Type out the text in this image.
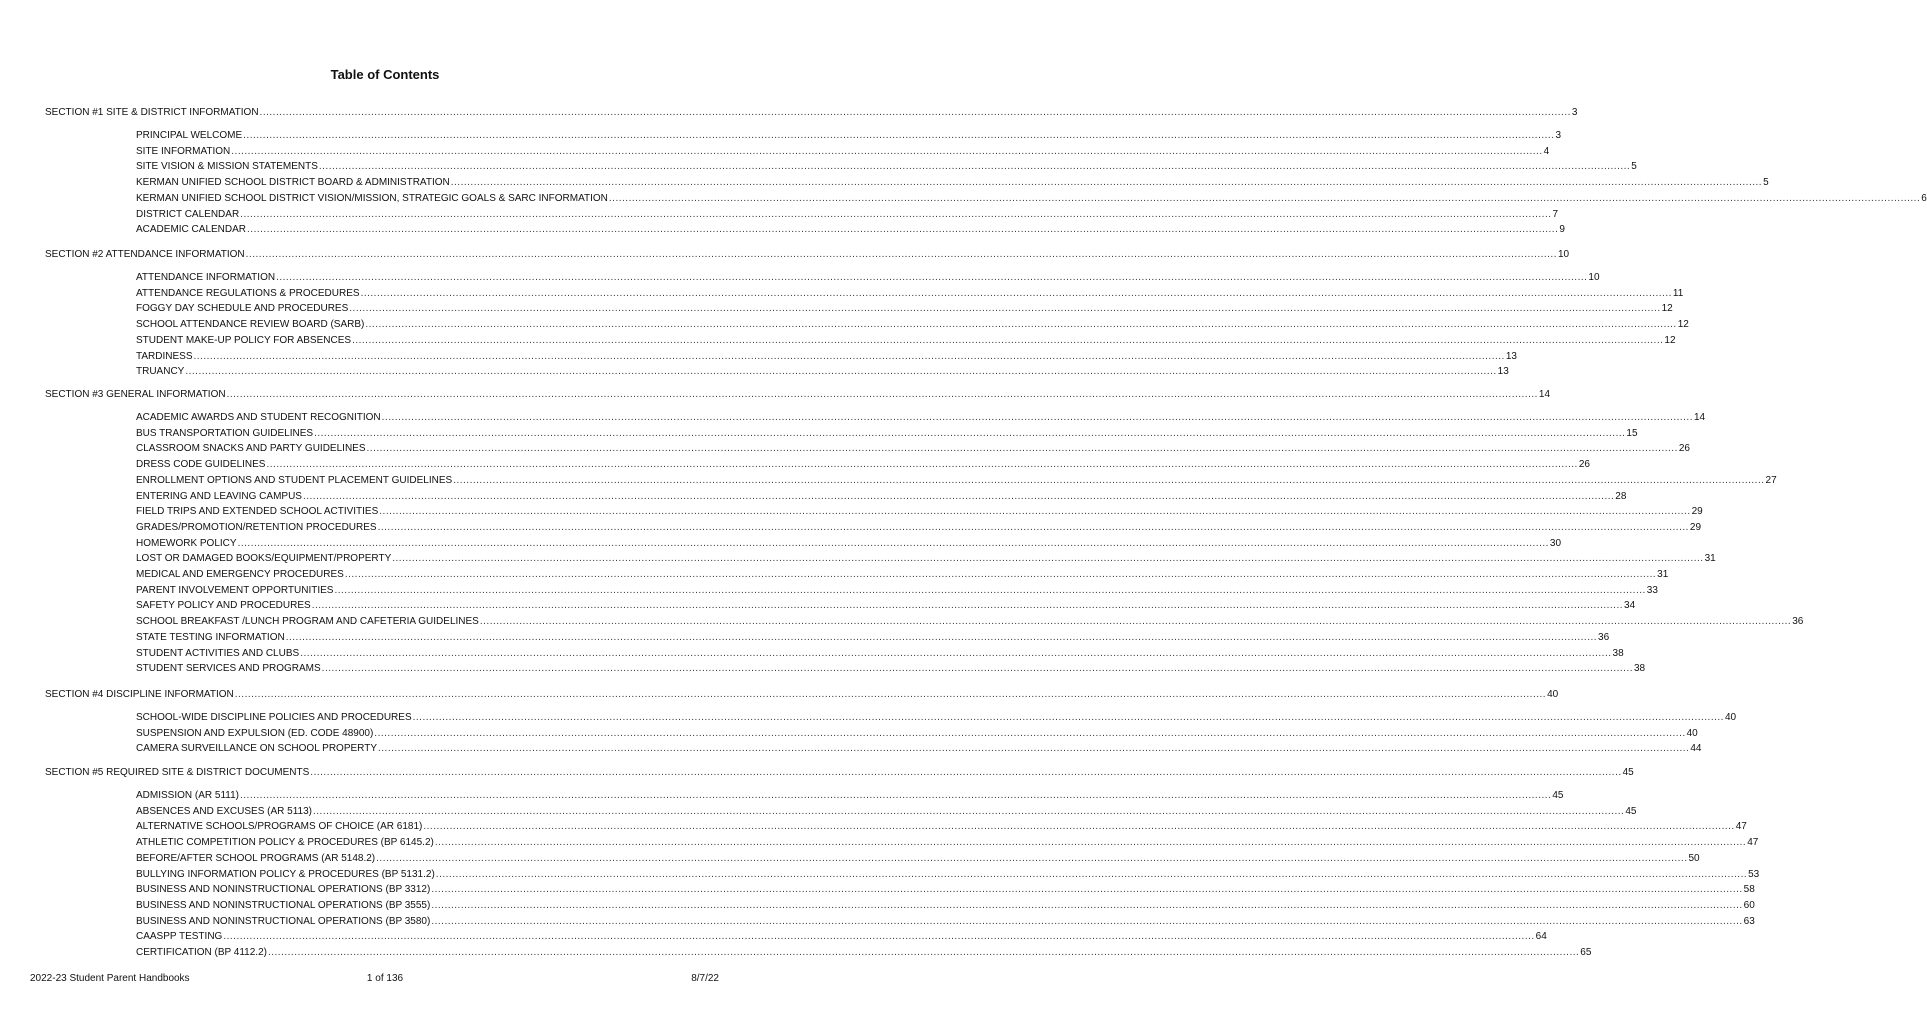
Table of Contents
SECTION #1 SITE & DISTRICT INFORMATION ................................................................................................................................................................................................................................................................................................................................................................................................................ 3
PRINCIPAL WELCOME ................................................................................................................................................................................................................................................................................................................................................................................................................ 3
SITE INFORMATION ................................................................................................................................................................................................................................................................................................................................................................................................................ 4
SITE VISION & MISSION STATEMENTS ................................................................................................................................................................................................................................................................................................................................................................................................................ 5
KERMAN UNIFIED SCHOOL DISTRICT BOARD & ADMINISTRATION ................................................................................................................................................................................................................................................................................................................................................................................................................ 5
KERMAN UNIFIED SCHOOL DISTRICT VISION/MISSION, STRATEGIC GOALS & SARC INFORMATION ................................................................................................................................................................................................................................................................................................................................................................................................................ 6
DISTRICT CALENDAR ................................................................................................................................................................................................................................................................................................................................................................................................................ 7
ACADEMIC CALENDAR ................................................................................................................................................................................................................................................................................................................................................................................................................ 9
SECTION #2 ATTENDANCE INFORMATION ................................................................................................................................................................................................................................................................................................................................................................................................................ 10
ATTENDANCE INFORMATION ................................................................................................................................................................................................................................................................................................................................................................................................................ 10
ATTENDANCE REGULATIONS & PROCEDURES ................................................................................................................................................................................................................................................................................................................................................................................................................ 11
FOGGY DAY SCHEDULE AND PROCEDURES ................................................................................................................................................................................................................................................................................................................................................................................................................ 12
SCHOOL ATTENDANCE REVIEW BOARD (SARB) ................................................................................................................................................................................................................................................................................................................................................................................................................ 12
STUDENT MAKE-UP POLICY FOR ABSENCES ................................................................................................................................................................................................................................................................................................................................................................................................................ 12
TARDINESS ................................................................................................................................................................................................................................................................................................................................................................................................................ 13
TRUANCY ................................................................................................................................................................................................................................................................................................................................................................................................................ 13
SECTION #3 GENERAL INFORMATION ................................................................................................................................................................................................................................................................................................................................................................................................................ 14
ACADEMIC AWARDS AND STUDENT RECOGNITION ................................................................................................................................................................................................................................................................................................................................................................................................................ 14
BUS TRANSPORTATION GUIDELINES ................................................................................................................................................................................................................................................................................................................................................................................................................ 15
CLASSROOM SNACKS AND PARTY GUIDELINES ................................................................................................................................................................................................................................................................................................................................................................................................................ 26
DRESS CODE GUIDELINES ................................................................................................................................................................................................................................................................................................................................................................................................................ 26
ENROLLMENT OPTIONS AND STUDENT PLACEMENT GUIDELINES ................................................................................................................................................................................................................................................................................................................................................................................................................ 27
ENTERING AND LEAVING CAMPUS ................................................................................................................................................................................................................................................................................................................................................................................................................ 28
FIELD TRIPS AND EXTENDED SCHOOL ACTIVITIES ................................................................................................................................................................................................................................................................................................................................................................................................................ 29
GRADES/PROMOTION/RETENTION PROCEDURES ................................................................................................................................................................................................................................................................................................................................................................................................................ 29
HOMEWORK POLICY ................................................................................................................................................................................................................................................................................................................................................................................................................ 30
LOST OR DAMAGED BOOKS/EQUIPMENT/PROPERTY ................................................................................................................................................................................................................................................................................................................................................................................................................ 31
MEDICAL AND EMERGENCY PROCEDURES ................................................................................................................................................................................................................................................................................................................................................................................................................ 31
PARENT INVOLVEMENT OPPORTUNITIES ................................................................................................................................................................................................................................................................................................................................................................................................................ 33
SAFETY POLICY AND PROCEDURES ................................................................................................................................................................................................................................................................................................................................................................................................................ 34
SCHOOL BREAKFAST /LUNCH PROGRAM AND CAFETERIA GUIDELINES ................................................................................................................................................................................................................................................................................................................................................................................................................ 36
STATE TESTING INFORMATION ................................................................................................................................................................................................................................................................................................................................................................................................................ 36
STUDENT ACTIVITIES AND CLUBS ................................................................................................................................................................................................................................................................................................................................................................................................................ 38
STUDENT SERVICES AND PROGRAMS ................................................................................................................................................................................................................................................................................................................................................................................................................ 38
SECTION #4 DISCIPLINE INFORMATION ................................................................................................................................................................................................................................................................................................................................................................................................................ 40
SCHOOL-WIDE DISCIPLINE POLICIES AND PROCEDURES ................................................................................................................................................................................................................................................................................................................................................................................................................ 40
SUSPENSION AND EXPULSION (ED. CODE 48900) ................................................................................................................................................................................................................................................................................................................................................................................................................ 40
CAMERA SURVEILLANCE ON SCHOOL PROPERTY ................................................................................................................................................................................................................................................................................................................................................................................................................ 44
SECTION #5 REQUIRED SITE & DISTRICT DOCUMENTS ................................................................................................................................................................................................................................................................................................................................................................................................................ 45
ADMISSION (AR 5111) ................................................................................................................................................................................................................................................................................................................................................................................................................ 45
ABSENCES AND EXCUSES (AR 5113) ................................................................................................................................................................................................................................................................................................................................................................................................................ 45
ALTERNATIVE SCHOOLS/PROGRAMS OF CHOICE (AR 6181) ................................................................................................................................................................................................................................................................................................................................................................................................................ 47
ATHLETIC COMPETITION POLICY & PROCEDURES (BP 6145.2) ................................................................................................................................................................................................................................................................................................................................................................................................................ 47
BEFORE/AFTER SCHOOL PROGRAMS (AR 5148.2) ................................................................................................................................................................................................................................................................................................................................................................................................................ 50
BULLYING INFORMATION POLICY & PROCEDURES (BP 5131.2) ................................................................................................................................................................................................................................................................................................................................................................................................................ 53
BUSINESS AND NONINSTRUCTIONAL OPERATIONS (BP 3312) ................................................................................................................................................................................................................................................................................................................................................................................................................ 58
BUSINESS AND NONINSTRUCTIONAL OPERATIONS (BP 3555) ................................................................................................................................................................................................................................................................................................................................................................................................................ 60
BUSINESS AND NONINSTRUCTIONAL OPERATIONS (BP 3580) ................................................................................................................................................................................................................................................................................................................................................................................................................ 63
CAASPP TESTING ................................................................................................................................................................................................................................................................................................................................................................................................................ 64
CERTIFICATION (BP 4112.2) ................................................................................................................................................................................................................................................................................................................................................................................................................ 65
2022-23 Student Parent Handbooks	1 of 136	8/7/22
